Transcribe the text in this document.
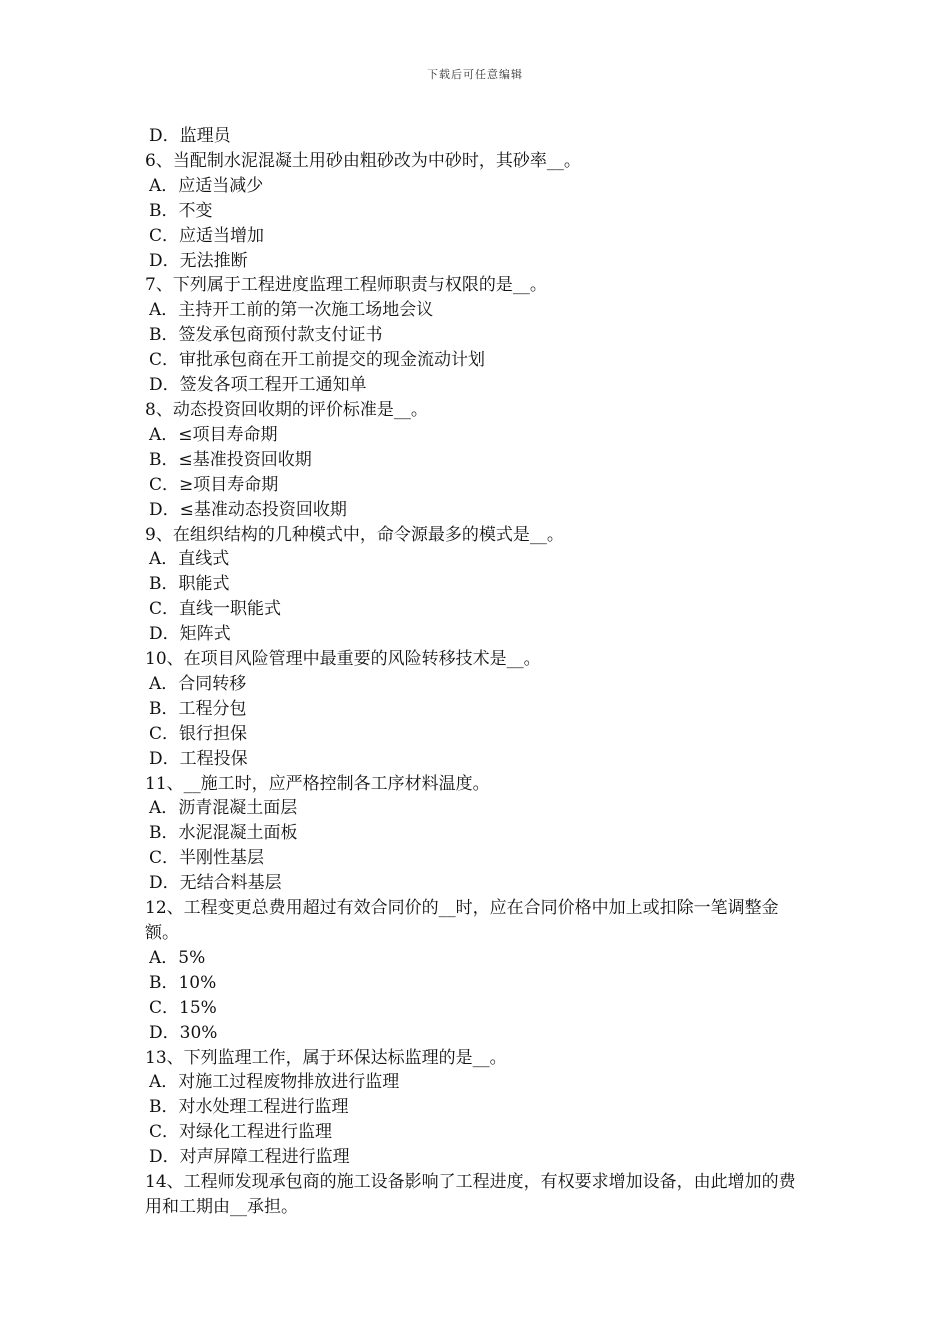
下载后可任意编辑
D．监理员
6、当配制水泥混凝土用砂由粗砂改为中砂时，其砂率__。
A．应适当减少
B．不变
C．应适当增加
D．无法推断
7、下列属于工程进度监理工程师职责与权限的是__。
A．主持开工前的第一次施工场地会议
B．签发承包商预付款支付证书
C．审批承包商在开工前提交的现金流动计划
D．签发各项工程开工通知单
8、动态投资回收期的评价标准是__。
A．≤项目寿命期
B．≤基准投资回收期
C．≥项目寿命期
D．≤基准动态投资回收期
9、在组织结构的几种模式中，命令源最多的模式是__。
A．直线式
B．职能式
C．直线一职能式
D．矩阵式
10、在项目风险管理中最重要的风险转移技术是__。
A．合同转移
B．工程分包
C．银行担保
D．工程投保
11、__施工时，应严格控制各工序材料温度。
A．沥青混凝土面层
B．水泥混凝土面板
C．半刚性基层
D．无结合料基层
12、工程变更总费用超过有效合同价的__时，应在合同价格中加上或扣除一笔调整金额。
A．5%
B．10%
C．15%
D．30%
13、下列监理工作，属于环保达标监理的是__。
A．对施工过程废物排放进行监理
B．对水处理工程进行监理
C．对绿化工程进行监理
D．对声屏障工程进行监理
14、工程师发现承包商的施工设备影响了工程进度，有权要求增加设备，由此增加的费用和工期由__承担。
